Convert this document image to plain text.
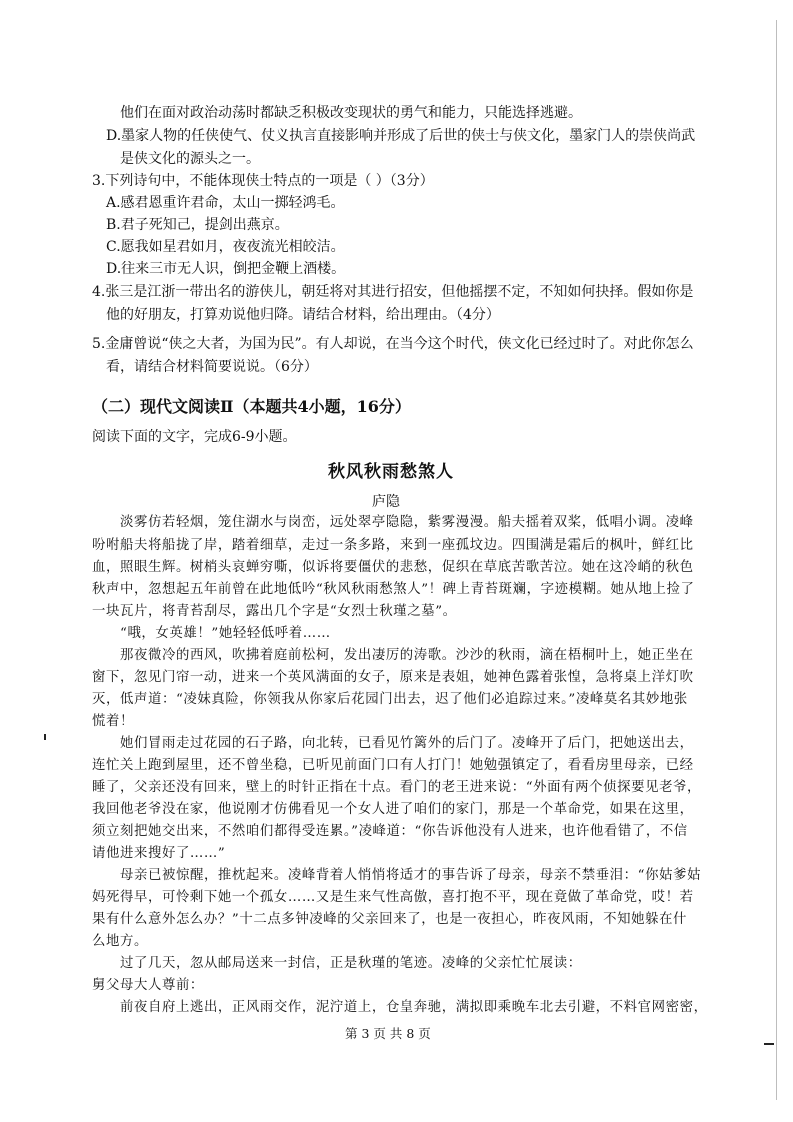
他们在面对政治动荡时都缺乏积极改变现状的勇气和能力，只能选择逃避。
D.墨家人物的任侠使气、仗义执言直接影响并形成了后世的侠士与侠文化，墨家门人的崇侠尚武
是侠文化的源头之一。
3.下列诗句中，不能体现侠士特点的一项是（ ）（3分）
A.感君恩重许君命，太山一掷轻鸿毛。
B.君子死知己，提剑出燕京。
C.愿我如星君如月，夜夜流光相皎洁。
D.往来三市无人识，倒把金鞭上酒楼。
4.张三是江浙一带出名的游侠儿，朝廷将对其进行招安，但他摇摆不定，不知如何抉择。假如你是
他的好朋友，打算劝说他归降。请结合材料，给出理由。（4分）
5.金庸曾说“侠之大者，为国为民”。有人却说，在当今这个时代，侠文化已经过时了。对此你怎么
看，请结合材料简要说说。（6分）
（二）现代文阅读Ⅱ（本题共4小题，16分）
阅读下面的文字，完成6-9小题。
秋风秋雨愁煞人
庐隐
淡雾仿若轻烟，笼住湖水与岗峦，远处翠亭隐隐，紫雾漫漫。船夫摇着双桨，低唱小调。凌峰
吩咐船夫将船拢了岸，踏着细草，走过一条多路，来到一座孤坟边。四围满是霜后的枫叶，鲜红比
血，照眼生辉。树梢头哀蝉穷嘶，似诉将要僵伏的悲愁，促织在草底苦歌苦泣。她在这冷峭的秋色
秋声中，忽想起五年前曾在此地低吟“秋风秋雨愁煞人”！碑上青苔斑斓，字迹模糊。她从地上捡了
一块瓦片，将青苔刮尽，露出几个字是“女烈士秋瑾之墓”。
“哦，女英雄！”她轻轻低呼着……
那夜微冷的西风，吹拂着庭前松柯，发出凄厉的涛歌。沙沙的秋雨，滴在梧桐叶上，她正坐在
窗下，忽见门帘一动，进来一个英风满面的女子，原来是表姐，她神色露着张惶，急将桌上洋灯吹
灭，低声道：“凌妹真险，你领我从你家后花园门出去，迟了他们必追踪过来。”凌峰莫名其妙地张
慌着！
她们冒雨走过花园的石子路，向北转，已看见竹篱外的后门了。凌峰开了后门，把她送出去，
连忙关上跑到屋里，还不曾坐稳，已听见前面门口有人打门！她勉强镇定了，看看房里母亲，已经
睡了，父亲还没有回来，壁上的时针正指在十点。看门的老王进来说：“外面有两个侦探要见老爷，
我回他老爷没在家，他说刚才仿佛看见一个女人进了咱们的家门，那是一个革命党，如果在这里，
须立刻把她交出来，不然咱们都得受连累。”凌峰道：“你告诉他没有人进来，也许他看错了，不信
请他进来搜好了……”
母亲已被惊醒，推枕起来。凌峰背着人悄悄将适才的事告诉了母亲，母亲不禁垂泪：“你姑爹姑
妈死得早，可怜剩下她一个孤女……又是生来气性高傲，喜打抱不平，现在竟做了革命党，哎！若
果有什么意外怎么办？”十二点多钟凌峰的父亲回来了，也是一夜担心，昨夜风雨，不知她躲在什
么地方。
过了几天，忽从邮局送来一封信，正是秋瑾的笔迹。凌峰的父亲忙忙展读：
舅父母大人尊前：
前夜自府上逃出，正风雨交作，泥泞道上，仓皇奔驰，满拟即乘晚车北去引避，不料官网密密，
第 3 页 共 8 页
